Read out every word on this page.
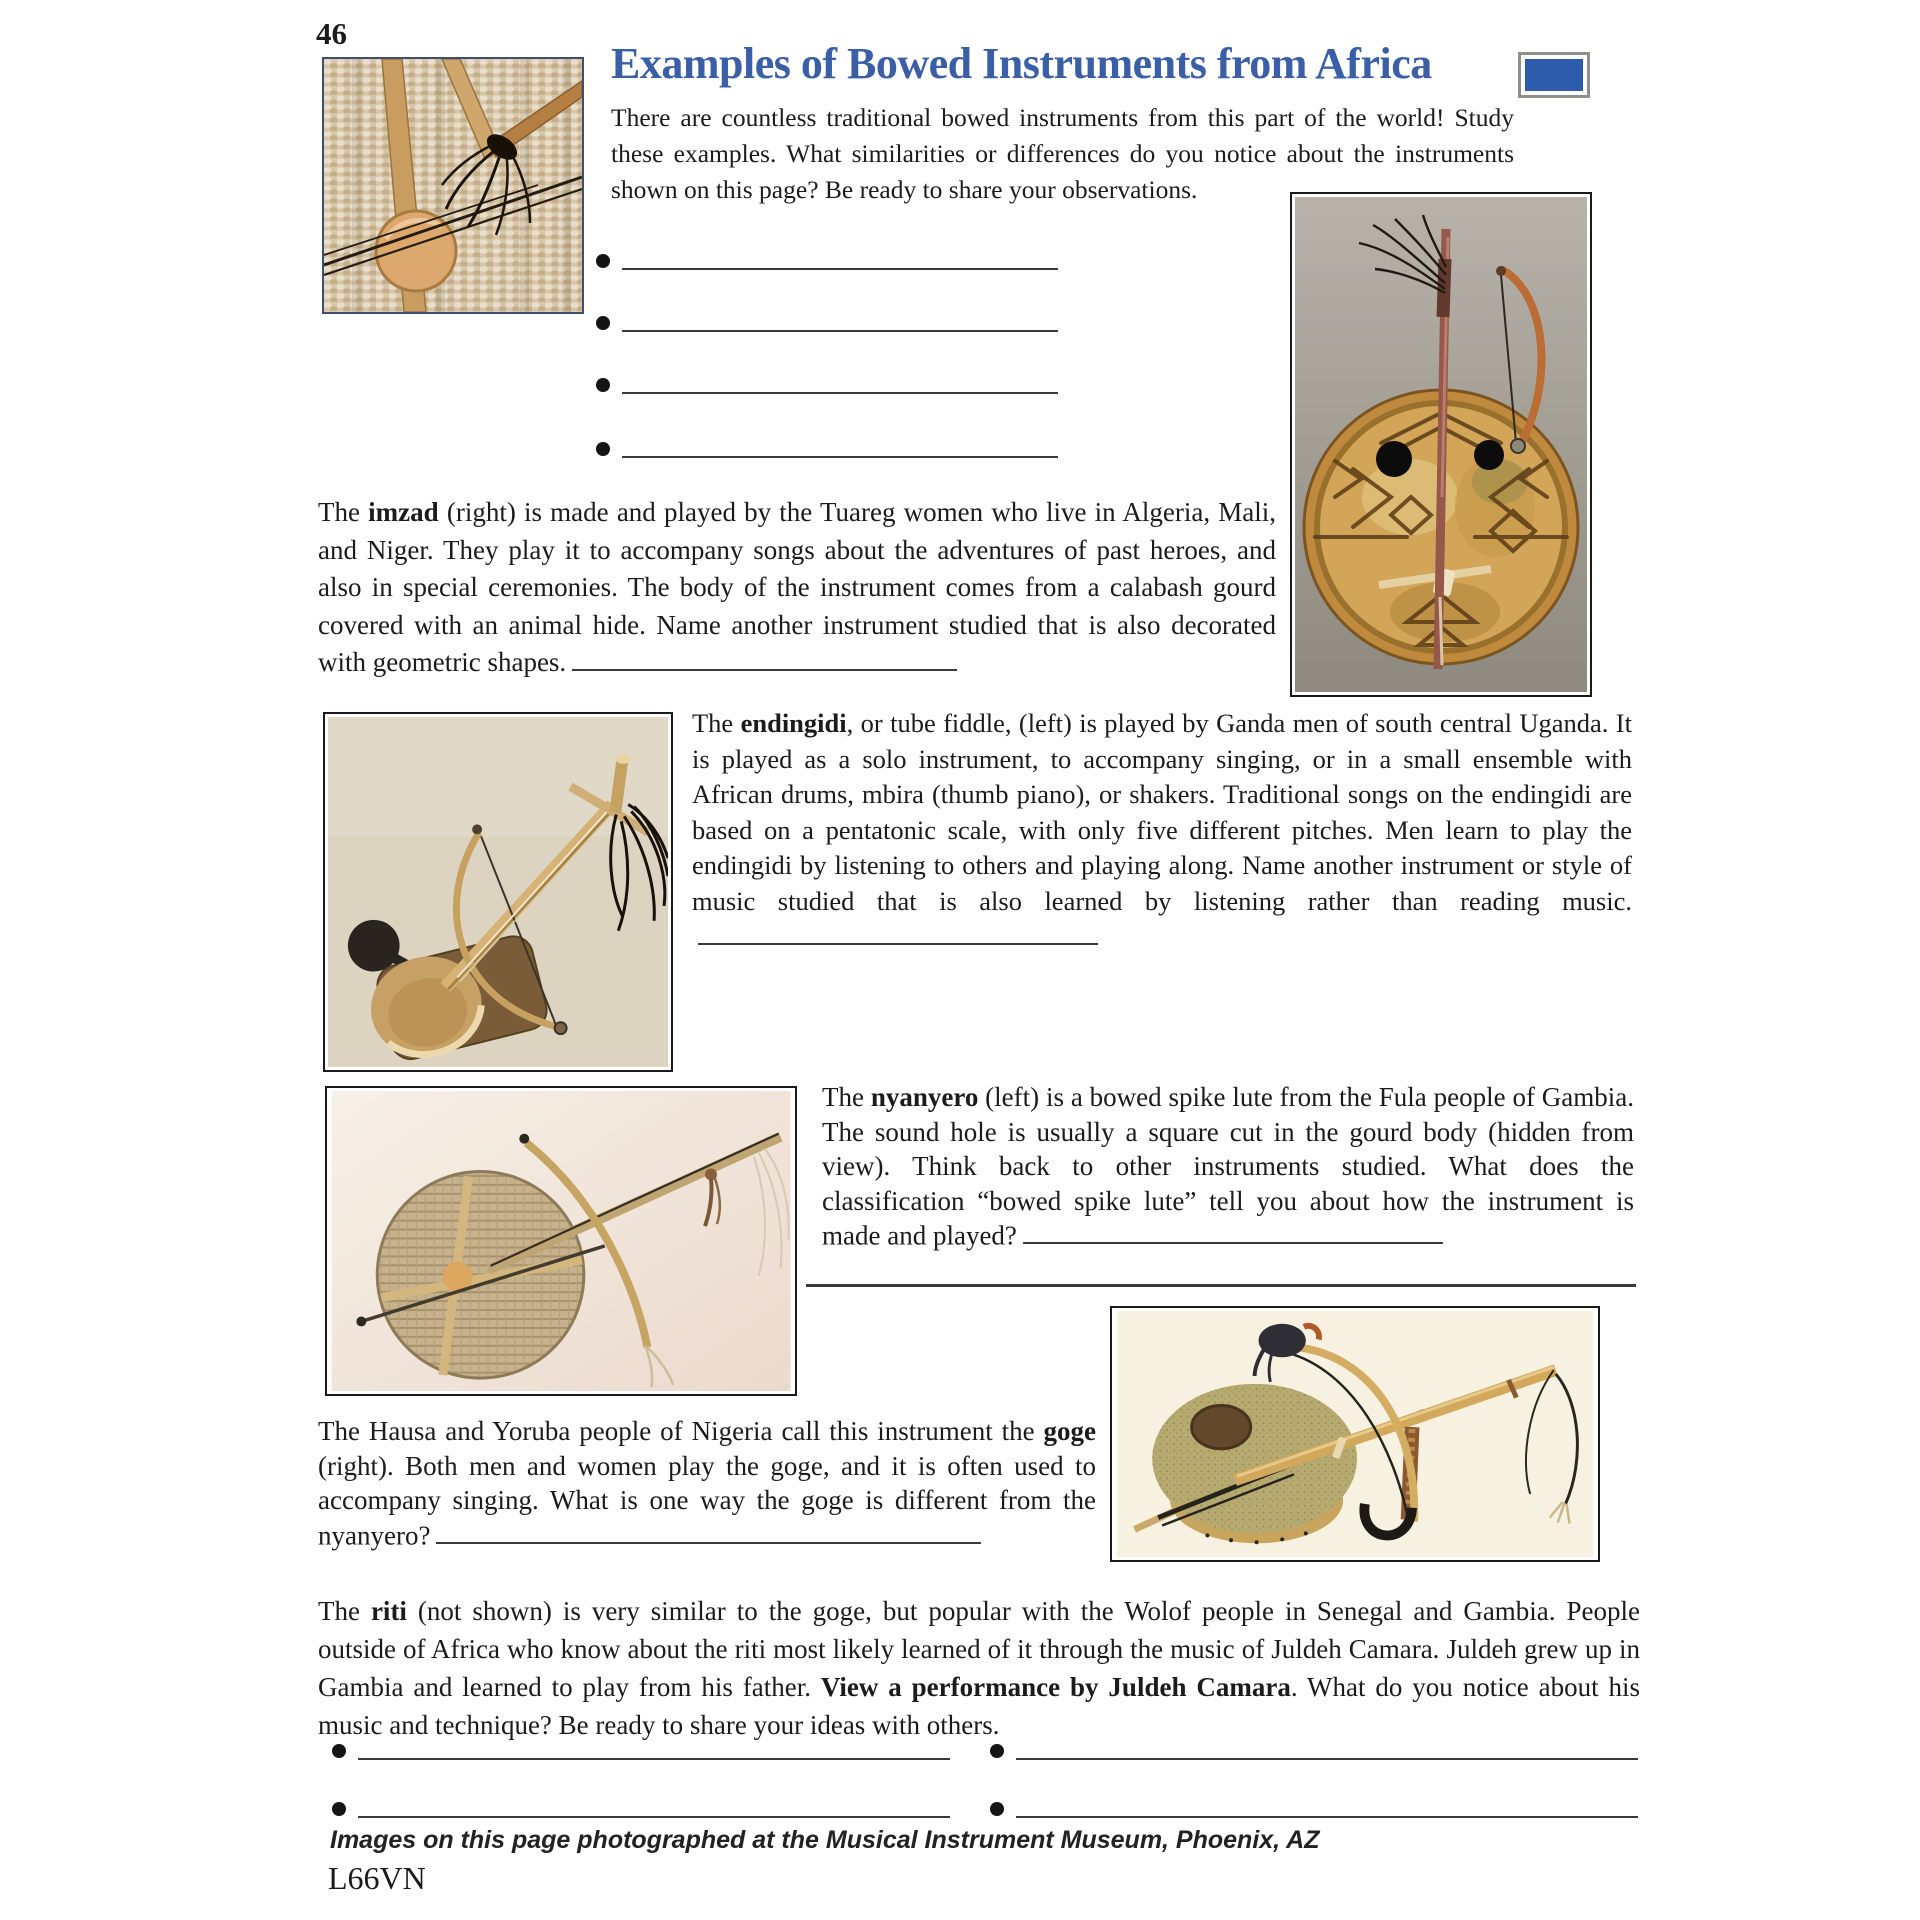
46
Examples of Bowed Instruments from Africa

There are countless traditional bowed instruments from this part of the world! Study these examples. What similarities or differences do you notice about the instruments shown on this page? Be ready to share your observations.

The imzad (right) is made and played by the Tuareg women who live in Algeria, Mali, and Niger. They play it to accompany songs about the adventures of past heroes, and also in special ceremonies. The body of the instrument comes from a calabash gourd covered with an animal hide. Name another instrument studied that is also decorated with geometric shapes.

The endingidi, or tube fiddle, (left) is played by Ganda men of south central Uganda. It is played as a solo instrument, to accompany singing, or in a small ensemble with African drums, mbira (thumb piano), or shakers. Traditional songs on the endingidi are based on a pentatonic scale, with only five different pitches. Men learn to play the endingidi by listening to others and playing along. Name another instrument or style of music studied that is also learned by listening rather than reading music.

The nyanyero (left) is a bowed spike lute from the Fula people of Gambia. The sound hole is usually a square cut in the gourd body (hidden from view). Think back to other instruments studied. What does the classification “bowed spike lute” tell you about how the instrument is made and played?

The Hausa and Yoruba people of Nigeria call this instrument the goge (right). Both men and women play the goge, and it is often used to accompany singing. What is one way the goge is different from the nyanyero?

The riti (not shown) is very similar to the goge, but popular with the Wolof people in Senegal and Gambia. People outside of Africa who know about the riti most likely learned of it through the music of Juldeh Camara. Juldeh grew up in Gambia and learned to play from his father. View a performance by Juldeh Camara. What do you notice about his music and technique? Be ready to share your ideas with others.

Images on this page photographed at the Musical Instrument Museum, Phoenix, AZ
L66VN
